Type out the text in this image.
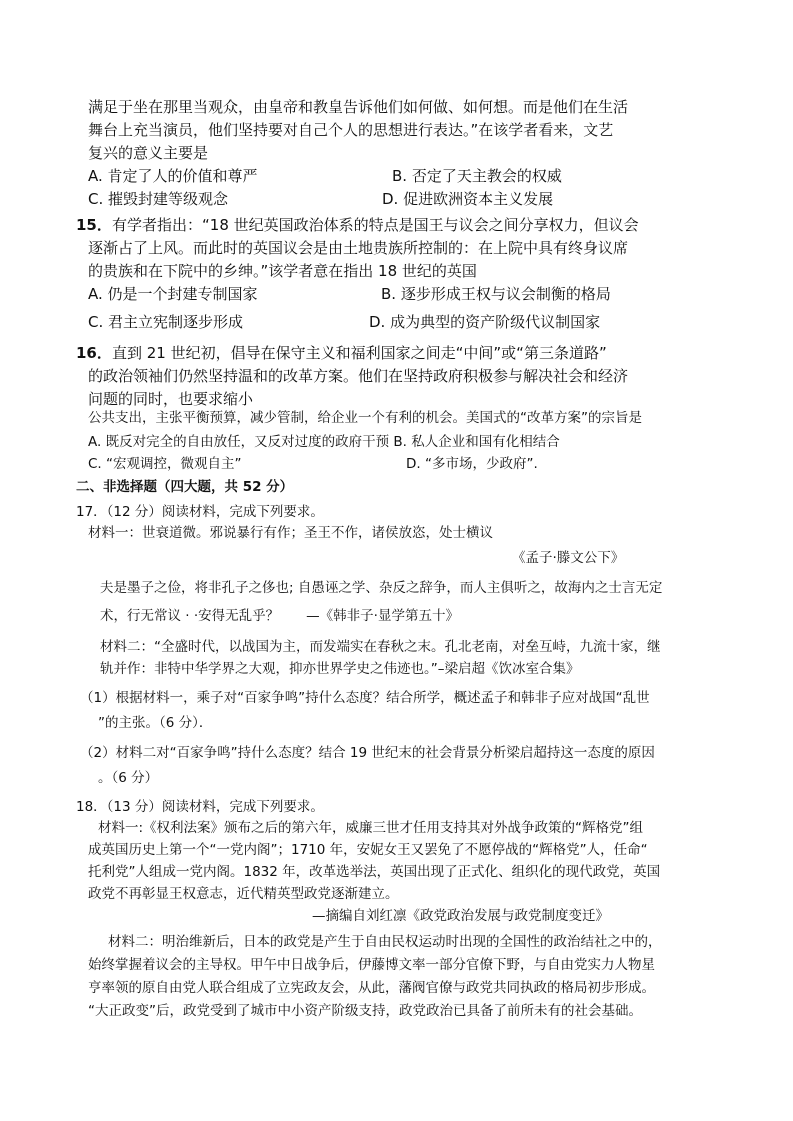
满足于坐在那里当观众，由皇帝和教皇告诉他们如何做、如何想。而是他们在生活
舞台上充当演员，他们坚持要对自己个人的思想进行表达。”在该学者看来，文艺
复兴的意义主要是
A. 肯定了人的价值和尊严	B. 否定了天主教会的权威
C. 摧毁封建等级观念	D. 促进欧洲资本主义发展
15． 有学者指出：“18 世纪英国政治体系的特点是国王与议会之间分享权力，但议会
逐渐占了上风。而此时的英国议会是由土地贵族所控制的：在上院中具有终身议席
的贵族和在下院中的乡绅。”该学者意在指出 18 世纪的英国
A. 仍是一个封建专制国家	B. 逐步形成王权与议会制衡的格局
C. 君主立宪制逐步形成	D. 成为典型的资产阶级代议制国家
16． 直到 21 世纪初，倡导在保守主义和福利国家之间走“中间”或“第三条道路”
的政治领袖们仍然坚持温和的改革方案。他们在坚持政府积极参与解决社会和经济
问题的同时，也要求缩小
公共支出，主张平衡预算，减少管制，给企业一个有利的机会。美国式的“改革方案”的宗旨是
A. 既反对完全的自由放任，又反对过度的政府干预 B. 私人企业和国有化相结合
C. “宏观调控，微观自主”	D. “多市场，少政府”.
二、非选择题（四大题，共 52 分）
17．（12 分）阅读材料，完成下列要求。
材料一：世衰道微。邪说暴行有作；圣王不作，诸侯放恣，处士横议
《孟子·滕文公下》
夫是墨子之俭，将非孔子之侈也; 自愚诬之学、杂反之辞争，而人主俱听之，故海内之士言无定
术，行无常议 · ·安得无乱乎？　　—《韩非子·显学第五十》
材料二：“全盛时代，以战国为主，而发端实在春秋之末。孔北老南，对垒互峙，九流十家，继
轨并作：非特中华学界之大观，抑亦世界学史之伟迹也。”–梁启超《饮冰室合集》
（1）根据材料一，乘子对“百家争鸣”持什么态度？结合所学，概述孟子和韩非子应对战国“乱世
”的主张。（6 分）．
（2）材料二对“百家争鸣”持什么态度？结合 19 世纪末的社会背景分析梁启超持这一态度的原因
。（6 分）
18．（13 分）阅读材料，完成下列要求。
材料一:《权利法案》颁布之后的第六年，威廉三世才任用支持其对外战争政策的“辉格党”组
成英国历史上第一个“一党内阁”；1710 年，安妮女王又罢免了不愿停战的“辉格党”人，任命“
托利党”人组成一党内阁。1832 年，改革选举法，英国出现了正式化、组织化的现代政党，英国
政党不再彰显王权意志，近代精英型政党逐渐建立。
—摘编自刘红凛《政党政治发展与政党制度变迁》
材料二：明治维新后，日本的政党是产生于自由民权运动时出现的全国性的政治结社之中的，
始终掌握着议会的主导权。甲午中日战争后，伊藤博文率一部分官僚下野，与自由党实力人物星
亨率领的原自由党人联合组成了立宪政友会，从此，藩阀官僚与政党共同执政的格局初步形成。
“大正政变”后，政党受到了城市中小资产阶级支持，政党政治已具备了前所未有的社会基础。
